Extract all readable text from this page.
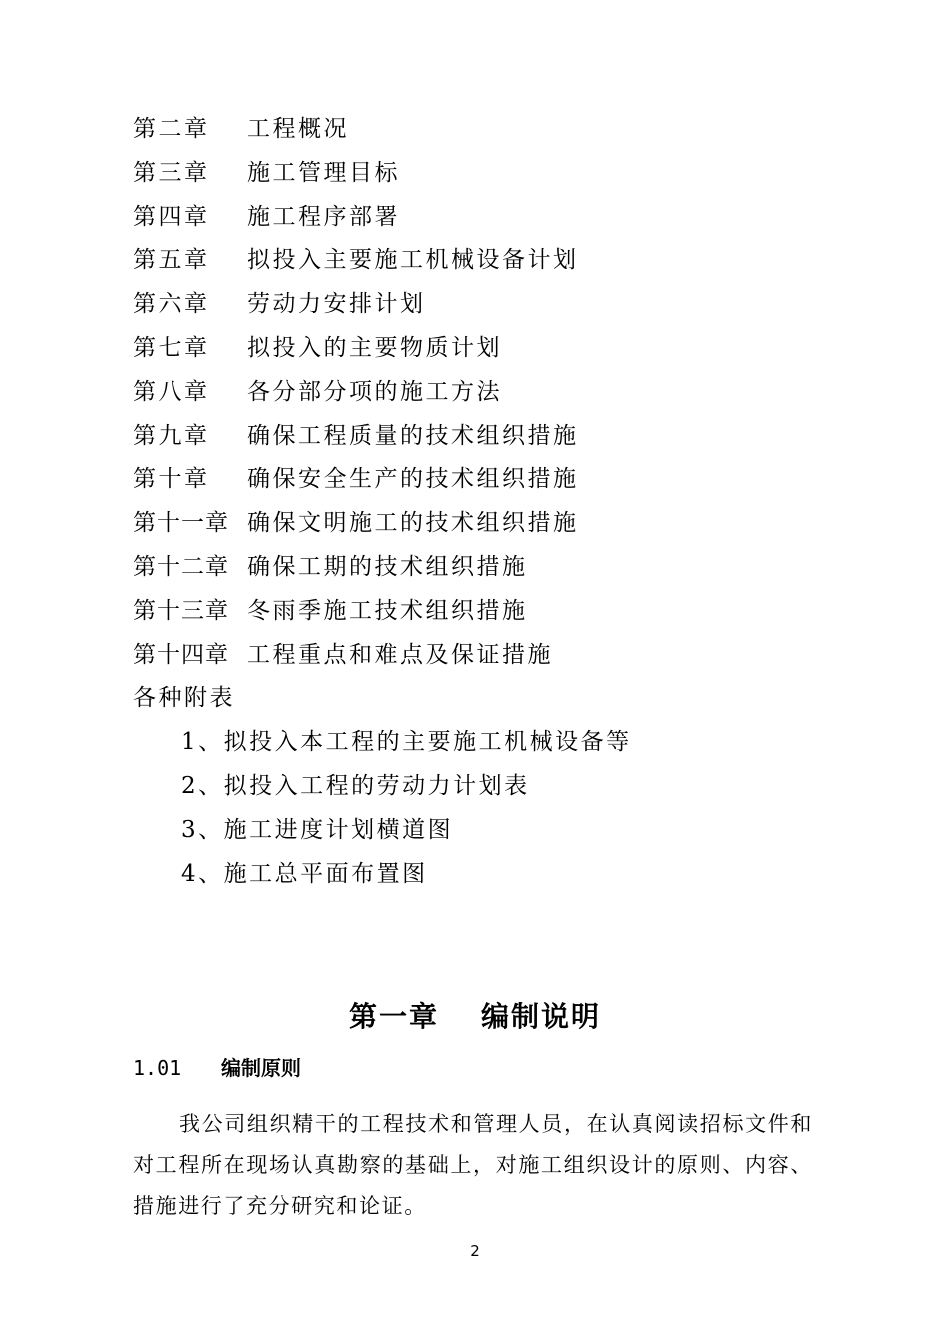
第二章 工程概况
第三章 施工管理目标
第四章 施工程序部署
第五章 拟投入主要施工机械设备计划
第六章 劳动力安排计划
第七章 拟投入的主要物质计划
第八章 各分部分项的施工方法
第九章 确保工程质量的技术组织措施
第十章 确保安全生产的技术组织措施
第十一章 确保文明施工的技术组织措施
第十二章 确保工期的技术组织措施
第十三章 冬雨季施工技术组织措施
第十四章 工程重点和难点及保证措施
各种附表
1、拟投入本工程的主要施工机械设备等
2、拟投入工程的劳动力计划表
3、施工进度计划横道图
4、施工总平面布置图
第一章 编制说明
1.01 编制原则

我公司组织精干的工程技术和管理人员，在认真阅读招标文件和对工程所在现场认真勘察的基础上，对施工组织设计的原则、内容、措施进行了充分研究和论证。

2
